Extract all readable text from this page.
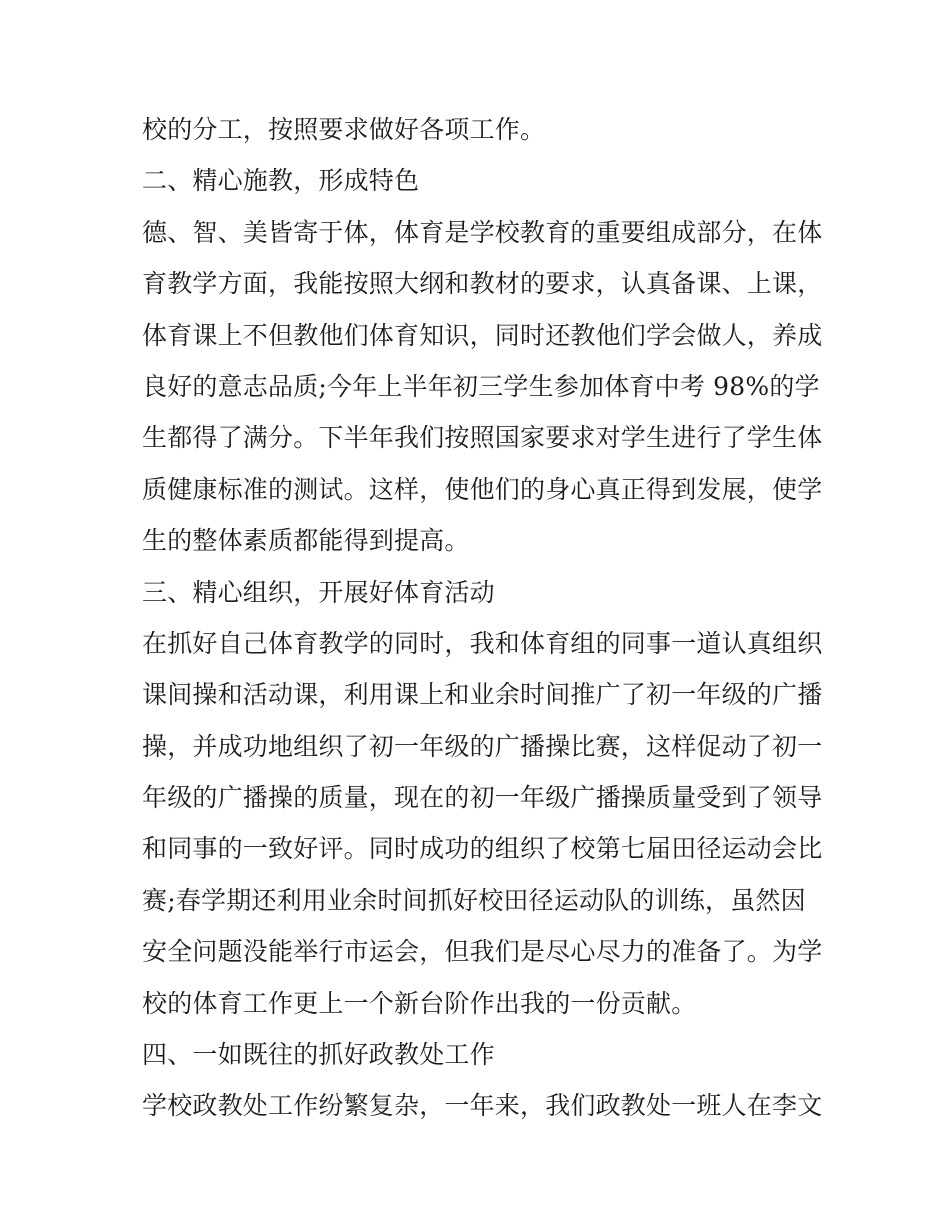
校的分工，按照要求做好各项工作。
二、精心施教，形成特色
德、智、美皆寄于体，体育是学校教育的重要组成部分，在体
育教学方面，我能按照大纲和教材的要求，认真备课、上课，
体育课上不但教他们体育知识，同时还教他们学会做人，养成
良好的意志品质;今年上半年初三学生参加体育中考 98%的学
生都得了满分。下半年我们按照国家要求对学生进行了学生体
质健康标准的测试。这样，使他们的身心真正得到发展，使学
生的整体素质都能得到提高。
三、精心组织，开展好体育活动
在抓好自己体育教学的同时，我和体育组的同事一道认真组织
课间操和活动课，利用课上和业余时间推广了初一年级的广播
操，并成功地组织了初一年级的广播操比赛，这样促动了初一
年级的广播操的质量，现在的初一年级广播操质量受到了领导
和同事的一致好评。同时成功的组织了校第七届田径运动会比
赛;春学期还利用业余时间抓好校田径运动队的训练，虽然因
安全问题没能举行市运会，但我们是尽心尽力的准备了。为学
校的体育工作更上一个新台阶作出我的一份贡献。
四、一如既往的抓好政教处工作
学校政教处工作纷繁复杂，一年来，我们政教处一班人在李文
